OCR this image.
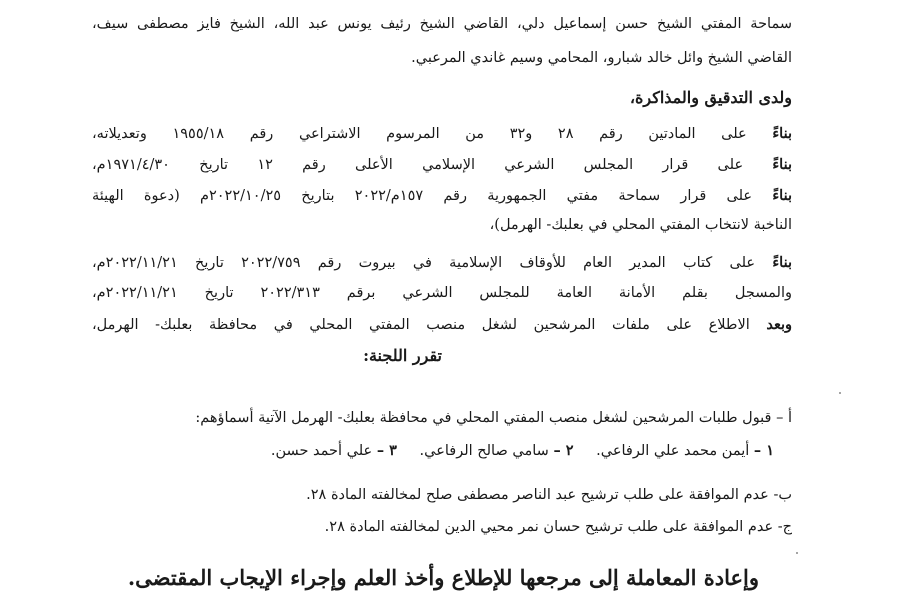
سماحة المفتي الشيخ حسن إسماعيل دلي، القاضي الشيخ رئيف يونس عبد الله، الشيخ فايز مصطفى سيف،
القاضي الشيخ وائل خالد شبارو، المحامي وسيم غاندي المرعبي.
ولدى التدقيق والمذاكرة،
بناءً على المادتين رقم ٢٨ و٣٢ من المرسوم الاشتراعي رقم ١٩٥٥/١٨ وتعديلاته،
بناءً على قرار المجلس الشرعي الإسلامي الأعلى رقم ١٢ تاريخ ١٩٧١/٤/٣٠م،
بناءً على قرار سماحة مفتي الجمهورية رقم ١٥٧م/٢٠٢٢ بتاريخ ٢٠٢٢/١٠/٢٥م (دعوة الهيئة
الناخبة لانتخاب المفتي المحلي في بعلبك- الهرمل)،
بناءً على كتاب المدير العام للأوقاف الإسلامية في بيروت رقم ٢٠٢٢/٧٥٩ تاريخ ٢٠٢٢/١١/٢١م،
والمسجل بقلم الأمانة العامة للمجلس الشرعي برقم ٢٠٢٢/٣١٣ تاريخ ٢٠٢٢/١١/٢١م،
وبعد الاطلاع على ملفات المرشحين لشغل منصب المفتي المحلي في محافظة بعلبك- الهرمل،
تقرر اللجنة:
أ – قبول طلبات المرشحين لشغل منصب المفتي المحلي في محافظة بعلبك- الهرمل الآتية أسماؤهم:
١ – أيمن محمد علي الرفاعي. ٢ – سامي صالح الرفاعي. ٣ – علي أحمد حسن.
ب- عدم الموافقة على طلب ترشيح عبد الناصر مصطفى صلح لمخالفته المادة ٢٨.
ج- عدم الموافقة على طلب ترشيح حسان نمر محيي الدين لمخالفته المادة ٢٨.
وإعادة المعاملة إلى مرجعها للإطلاع وأخذ العلم وإجراء الإيجاب المقتضى.
